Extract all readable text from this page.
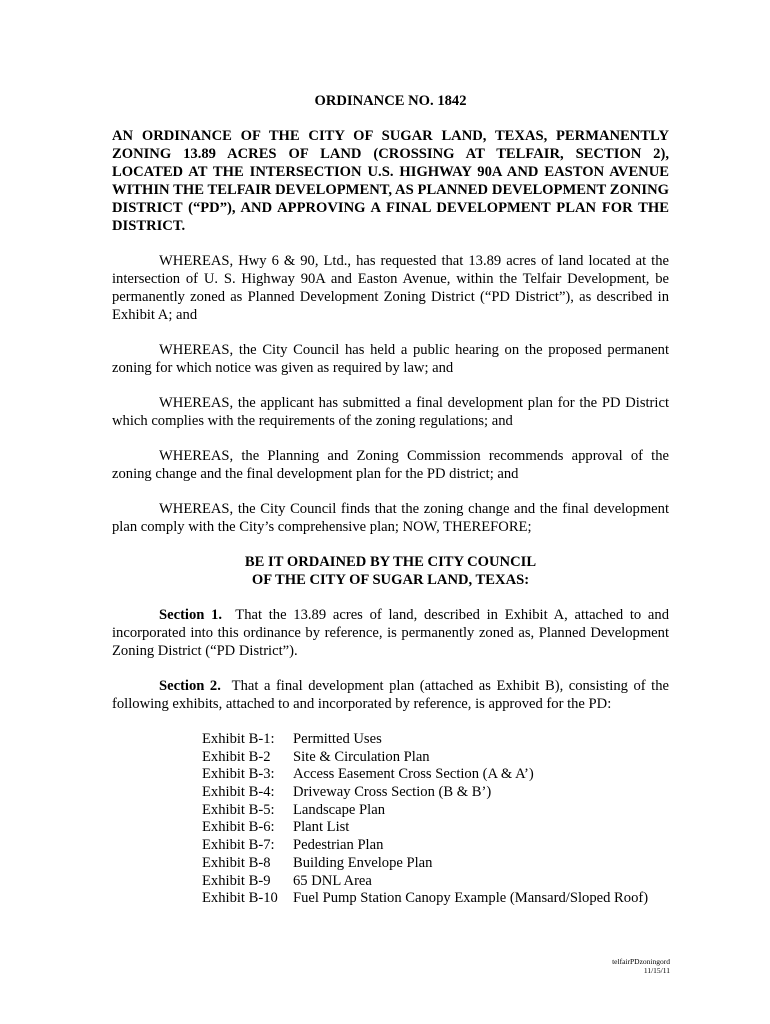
ORDINANCE NO. 1842

AN ORDINANCE OF THE CITY OF SUGAR LAND, TEXAS, PERMANENTLY ZONING 13.89 ACRES OF LAND (CROSSING AT TELFAIR, SECTION 2), LOCATED AT THE INTERSECTION U.S. HIGHWAY 90A AND EASTON AVENUE WITHIN THE TELFAIR DEVELOPMENT, AS PLANNED DEVELOPMENT ZONING DISTRICT (“PD”), AND APPROVING A FINAL DEVELOPMENT PLAN FOR THE DISTRICT.

WHEREAS, Hwy 6 & 90, Ltd., has requested that 13.89 acres of land located at the intersection of U. S. Highway 90A and Easton Avenue, within the Telfair Development, be permanently zoned as Planned Development Zoning District (“PD District”), as described in Exhibit A; and

WHEREAS, the City Council has held a public hearing on the proposed permanent zoning for which notice was given as required by law; and

WHEREAS, the applicant has submitted a final development plan for the PD District which complies with the requirements of the zoning regulations; and

WHEREAS, the Planning and Zoning Commission recommends approval of the zoning change and the final development plan for the PD district; and

WHEREAS, the City Council finds that the zoning change and the final development plan comply with the City’s comprehensive plan; NOW, THEREFORE;

BE IT ORDAINED BY THE CITY COUNCIL
OF THE CITY OF SUGAR LAND, TEXAS:

Section 1. That the 13.89 acres of land, described in Exhibit A, attached to and incorporated into this ordinance by reference, is permanently zoned as, Planned Development Zoning District (“PD District”).

Section 2. That a final development plan (attached as Exhibit B), consisting of the following exhibits, attached to and incorporated by reference, is approved for the PD:

Exhibit B-1:	Permitted Uses
Exhibit B-2	Site & Circulation Plan
Exhibit B-3:	Access Easement Cross Section (A & A’)
Exhibit B-4:	Driveway Cross Section (B & B’)
Exhibit B-5:	Landscape Plan
Exhibit B-6:	Plant List
Exhibit B-7:	Pedestrian Plan
Exhibit B-8	Building Envelope Plan
Exhibit B-9	65 DNL Area
Exhibit B-10	Fuel Pump Station Canopy Example (Mansard/Sloped Roof)
telfairPDzoningord
11/15/11
